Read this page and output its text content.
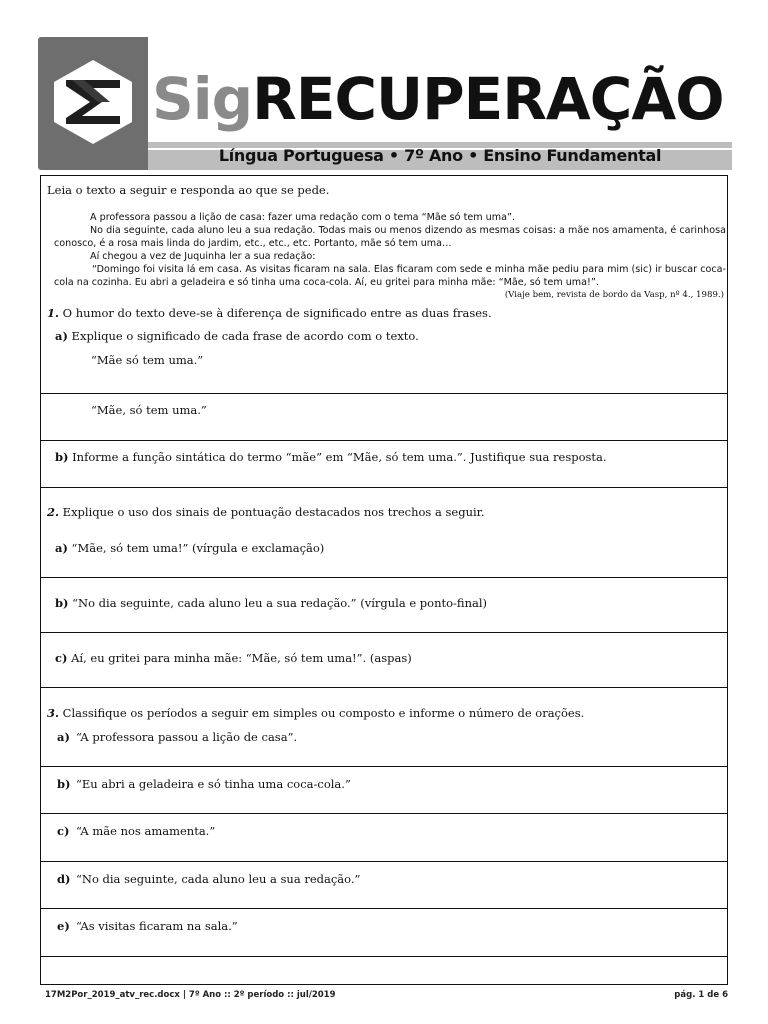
SigRECUPERAÇÃO
Língua Portuguesa • 7º Ano • Ensino Fundamental
Leia o texto a seguir e responda ao que se pede.
A professora passou a lição de casa: fazer uma redação com o tema “Mãe só tem uma”.
No dia seguinte, cada aluno leu a sua redação. Todas mais ou menos dizendo as mesmas coisas: a mãe nos amamenta, é carinhosa conosco, é a rosa mais linda do jardim, etc., etc., etc. Portanto, mãe só tem uma…
Aí chegou a vez de Juquinha ler a sua redação:
“Domingo foi visita lá em casa. As visitas ficaram na sala. Elas ficaram com sede e minha mãe pediu para mim (sic) ir buscar coca-cola na cozinha. Eu abri a geladeira e só tinha uma coca-cola. Aí, eu gritei para minha mãe: “Mãe, só tem uma!”.
(Viaje bem, revista de bordo da Vasp, nº 4., 1989.)
1. O humor do texto deve-se à diferença de significado entre as duas frases.
a) Explique o significado de cada frase de acordo com o texto.
“Mãe só tem uma.”
“Mãe, só tem uma.”
b) Informe a função sintática do termo “mãe” em “Mãe, só tem uma.”. Justifique sua resposta.
2. Explique o uso dos sinais de pontuação destacados nos trechos a seguir.
a) “Mãe, só tem uma!” (vírgula e exclamação)
b) “No dia seguinte, cada aluno leu a sua redação.” (vírgula e ponto-final)
c) Aí, eu gritei para minha mãe: “Mãe, só tem uma!”. (aspas)
3. Classifique os períodos a seguir em simples ou composto e informe o número de orações.
a) “A professora passou a lição de casa”.
b) “Eu abri a geladeira e só tinha uma coca-cola.”
c) “A mãe nos amamenta.”
d) “No dia seguinte, cada aluno leu a sua redação.”
e) “As visitas ficaram na sala.”
17M2Por_2019_atv_rec.docx | 7º Ano :: 2º período :: jul/2019	pág. 1 de 6
